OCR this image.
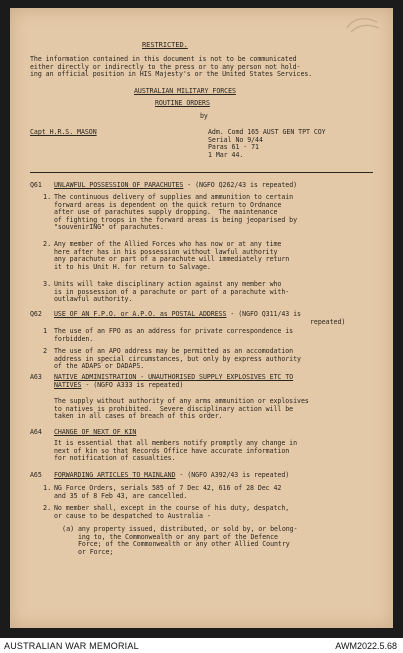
RESTRICTED.
The information contained in this document is not to be communicated
either directly or indirectly to the press or to any person not hold-
ing an official position in HIS Majesty's or the United States Services.
AUSTRALIAN MILITARY FORCES
ROUTINE ORDERS
by
Capt H.R.S. MASON	Adm. Comd 165 AUST GEN TPT COY
Serial No 9/44
Paras 61 - 71
1 Mar 44.
Q61 UNLAWFUL POSSESSION OF PARACHUTES - (NGFO Q262/43 is repeated)
1. The continuous delivery of supplies and ammunition to certain
forward areas is dependent on the quick return to Ordnance
after use of parachutes supply dropping.  The maintenance
of fighting troops in the forward areas is being jeoparised by
"souvenirING" of parachutes.
2. Any member of the Allied Forces who has now or at any time
here after has in his possession without lawful authority
any parachute or part of a parachute will immediately return
it to his Unit H. for return to Salvage.
3. Units will take disciplinary action against any member who
is in possession of a parachute or part of a parachute with-
outlawful authority.
Q62 USE OF AN F.P.O. or A.P.O. as POSTAL ADDRESS - (NGFO Q311/43 is
repeated)
1 The use of an FPO as an address for private correspondence is
forbidden.
2 The use of an APO address may be permitted as an accomodation
address in special circumstances, but only by express authority
of the ADAPS or DADAPS.
A63 NATIVE ADMINISTRATION - UNAUTHORISED SUPPLY EXPLOSIVES ETC TO
NATIVES - (NGFO A333 is repeated)
The supply without authority of any arms ammunition or explosives
to natives is prohibited.  Severe disciplinary action will be
taken in all cases of breach of this order.
A64 CHANGE OF NEXT OF KIN
It is essential that all members notify promptly any change in
next of kin so that Records Office have accurate information
for notification of casualties.
A65 FORWARDING ARTICLES TO MAINLAND - (NGFO A392/43 is repeated)
1. NG Force Orders, serials 585 of 7 Dec 42, 616 of 28 Dec 42
and 35 of 8 Feb 43, are cancelled.
2. No member shall, except in the course of his duty, despatch,
or cause to be despatched to Australia -
(a) any property issued, distributed, or sold by, or belong-
ing to, the Commonwealth or any part of the Defence
Force; of the Commonwealth or any other Allied Country
or Force;
AUSTRALIAN WAR MEMORIAL	AWM2022.5.68
